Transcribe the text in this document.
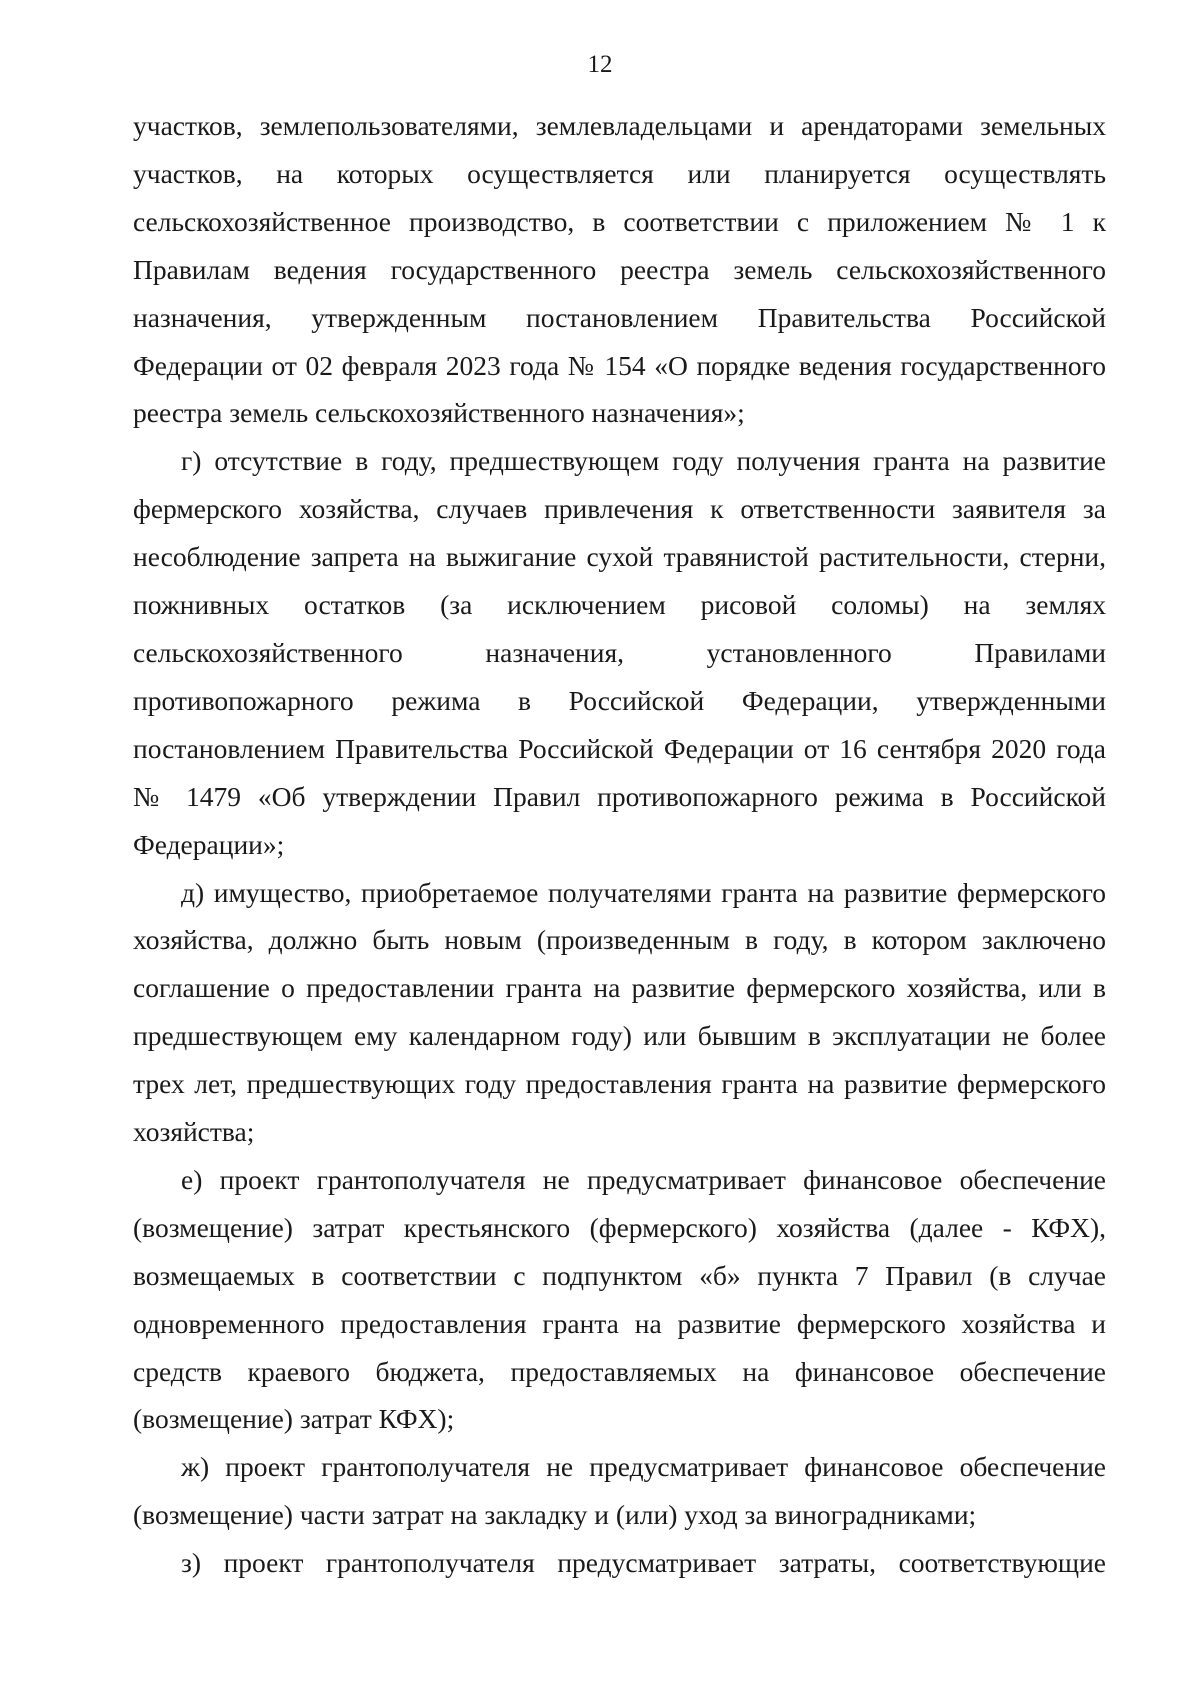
12

участков, землепользователями, землевладельцами и арендаторами земельных участков, на которых осуществляется или планируется осуществлять сельскохозяйственное производство, в соответствии с приложением № 1 к Правилам ведения государственного реестра земель сельскохозяйственного назначения, утвержденным постановлением Правительства Российской Федерации от 02 февраля 2023 года № 154 «О порядке ведения государственного реестра земель сельскохозяйственного назначения»;

г) отсутствие в году, предшествующем году получения гранта на развитие фермерского хозяйства, случаев привлечения к ответственности заявителя за несоблюдение запрета на выжигание сухой травянистой растительности, стерни, пожнивных остатков (за исключением рисовой соломы) на землях сельскохозяйственного назначения, установленного Правилами противопожарного режима в Российской Федерации, утвержденными постановлением Правительства Российской Федерации от 16 сентября 2020 года № 1479 «Об утверждении Правил противопожарного режима в Российской Федерации»;

д) имущество, приобретаемое получателями гранта на развитие фермерского хозяйства, должно быть новым (произведенным в году, в котором заключено соглашение о предоставлении гранта на развитие фермерского хозяйства, или в предшествующем ему календарном году) или бывшим в эксплуатации не более трех лет, предшествующих году предоставления гранта на развитие фермерского хозяйства;

е) проект грантополучателя не предусматривает финансовое обеспечение (возмещение) затрат крестьянского (фермерского) хозяйства (далее - КФХ), возмещаемых в соответствии с подпунктом «б» пункта 7 Правил (в случае одновременного предоставления гранта на развитие фермерского хозяйства и средств краевого бюджета, предоставляемых на финансовое обеспечение (возмещение) затрат КФХ);

ж) проект грантополучателя не предусматривает финансовое обеспечение (возмещение) части затрат на закладку и (или) уход за виноградниками;

з) проект грантополучателя предусматривает затраты, соответствующие
